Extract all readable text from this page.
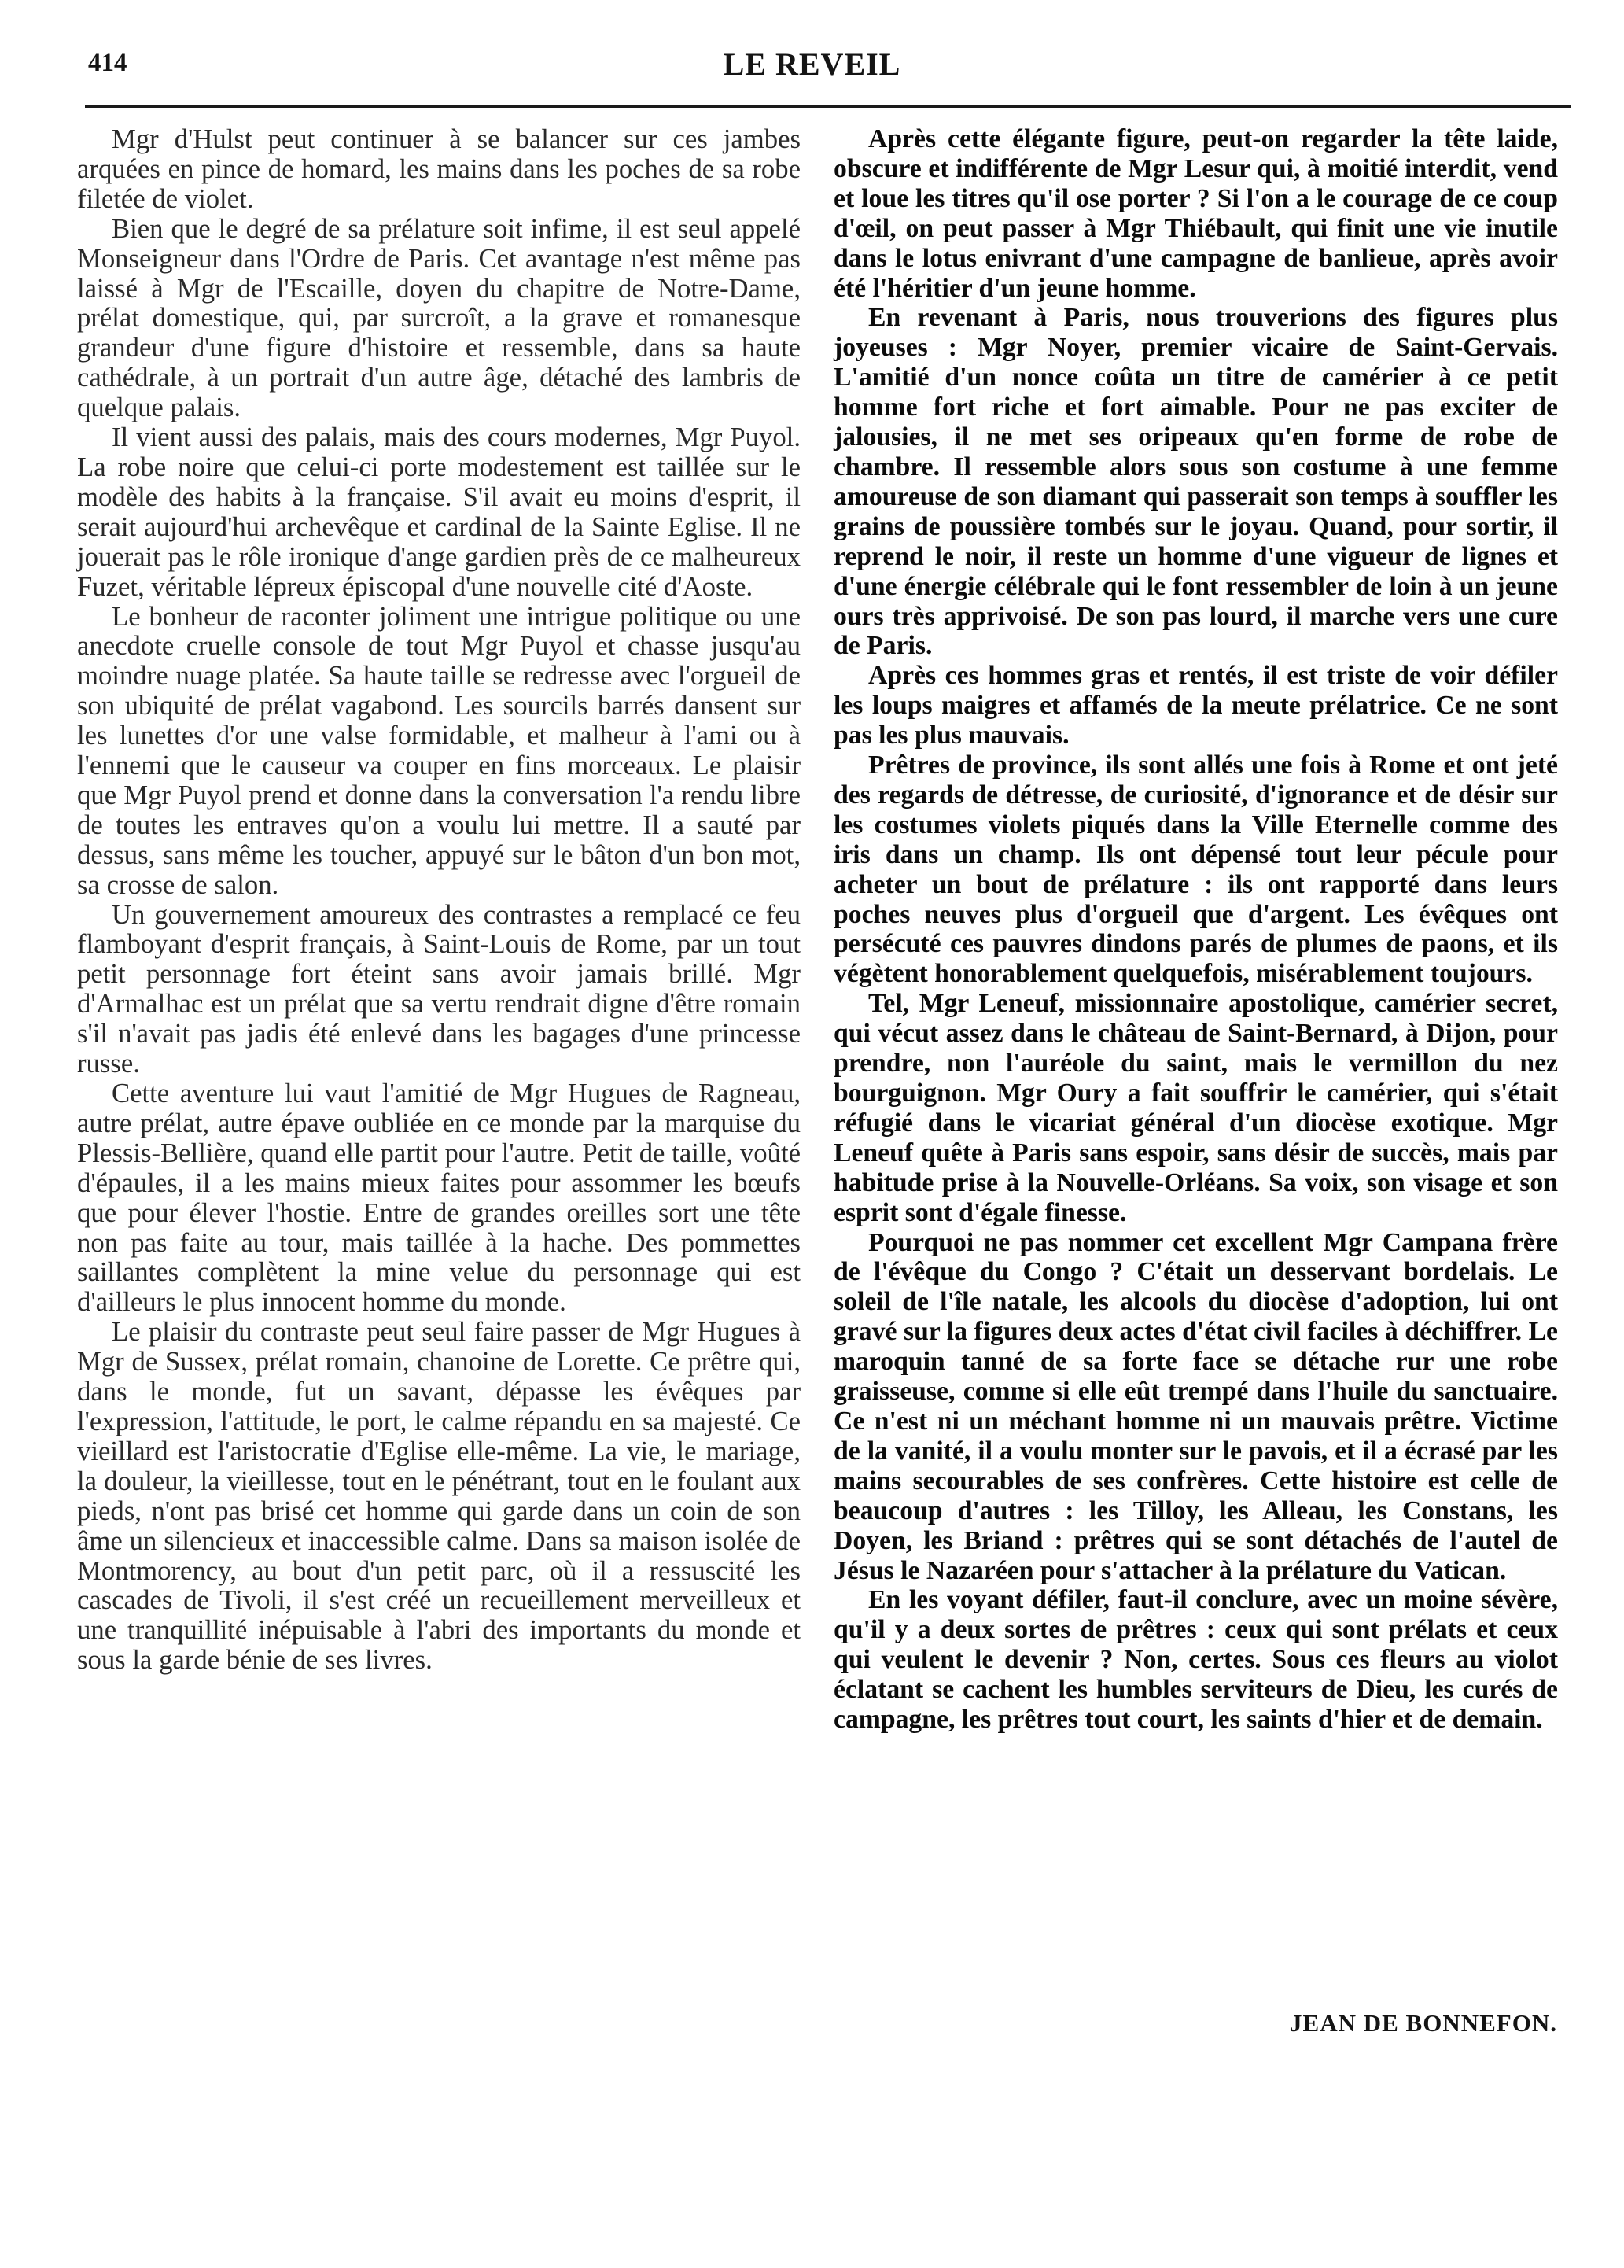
414	LE REVEIL

Mgr d'Hulst peut continuer à se balancer sur ces jambes arquées en pince de homard, les mains dans les poches de sa robe filetée de violet.

Bien que le degré de sa prélature soit infime, il est seul appelé Monseigneur dans l'Ordre de Paris. Cet avantage n'est même pas laissé à Mgr de l'Escaille, doyen du chapitre de Notre-Dame, prélat domestique, qui, par surcroît, a la grave et romanesque grandeur d'une figure d'histoire et ressemble, dans sa haute cathédrale, à un portrait d'un autre âge, détaché des lambris de quelque palais.

Il vient aussi des palais, mais des cours modernes, Mgr Puyol. La robe noire que celui-ci porte modestement est taillée sur le modèle des habits à la française. S'il avait eu moins d'esprit, il serait aujourd'hui archevêque et cardinal de la Sainte Eglise. Il ne jouerait pas le rôle ironique d'ange gardien près de ce malheureux Fuzet, véritable lépreux épiscopal d'une nouvelle cité d'Aoste.

Le bonheur de raconter joliment une intrigue politique ou une anecdote cruelle console de tout Mgr Puyol et chasse jusqu'au moindre nuage platée. Sa haute taille se redresse avec l'orgueil de son ubiquité de prélat vagabond. Les sourcils barrés dansent sur les lunettes d'or une valse formidable, et malheur à l'ami ou à l'ennemi que le causeur va couper en fins morceaux. Le plaisir que Mgr Puyol prend et donne dans la conversation l'a rendu libre de toutes les entraves qu'on a voulu lui mettre. Il a sauté par dessus, sans même les toucher, appuyé sur le bâton d'un bon mot, sa crosse de salon.

Un gouvernement amoureux des contrastes a remplacé ce feu flamboyant d'esprit français, à Saint-Louis de Rome, par un tout petit personnage fort éteint sans avoir jamais brillé. Mgr d'Armalhac est un prélat que sa vertu rendrait digne d'être romain s'il n'avait pas jadis été enlevé dans les bagages d'une princesse russe.

Cette aventure lui vaut l'amitié de Mgr Hugues de Ragneau, autre prélat, autre épave oubliée en ce monde par la marquise du Plessis-Bellière, quand elle partit pour l'autre. Petit de taille, voûté d'épaules, il a les mains mieux faites pour assommer les bœufs que pour élever l'hostie. Entre de grandes oreilles sort une tête non pas faite au tour, mais taillée à la hache. Des pommettes saillantes complètent la mine velue du personnage qui est d'ailleurs le plus innocent homme du monde.

Le plaisir du contraste peut seul faire passer de Mgr Hugues à Mgr de Sussex, prélat romain, chanoine de Lorette. Ce prêtre qui, dans le monde, fut un savant, dépasse les évêques par l'expression, l'attitude, le port, le calme répandu en sa majesté. Ce vieillard est l'aristocratie d'Eglise elle-même. La vie, le mariage, la douleur, la vieillesse, tout en le pénétrant, tout en le foulant aux pieds, n'ont pas brisé cet homme qui garde dans un coin de son âme un silencieux et inaccessible calme. Dans sa maison isolée de Montmorency, au bout d'un petit parc, où il a ressuscité les cascades de Tivoli, il s'est créé un recueillement merveilleux et une tranquillité inépuisable à l'abri des importants du monde et sous la garde bénie de ses livres.

Après cette élégante figure, peut-on regarder la tête laide, obscure et indifférente de Mgr Lesur qui, à moitié interdit, vend et loue les titres qu'il ose porter ? Si l'on a le courage de ce coup d'œil, on peut passer à Mgr Thiébault, qui finit une vie inutile dans le lotus enivrant d'une campagne de banlieue, après avoir été l'héritier d'un jeune homme.

En revenant à Paris, nous trouverions des figures plus joyeuses : Mgr Noyer, premier vicaire de Saint-Gervais. L'amitié d'un nonce coûta un titre de camérier à ce petit homme fort riche et fort aimable. Pour ne pas exciter de jalousies, il ne met ses oripeaux qu'en forme de robe de chambre. Il ressemble alors sous son costume à une femme amoureuse de son diamant qui passerait son temps à souffler les grains de poussière tombés sur le joyau. Quand, pour sortir, il reprend le noir, il reste un homme d'une vigueur de lignes et d'une énergie célébrale qui le font ressembler de loin à un jeune ours très apprivoisé. De son pas lourd, il marche vers une cure de Paris.

Après ces hommes gras et rentés, il est triste de voir défiler les loups maigres et affamés de la meute prélatrice. Ce ne sont pas les plus mauvais.

Prêtres de province, ils sont allés une fois à Rome et ont jeté des regards de détresse, de curiosité, d'ignorance et de désir sur les costumes violets piqués dans la Ville Eternelle comme des iris dans un champ. Ils ont dépensé tout leur pécule pour acheter un bout de prélature : ils ont rapporté dans leurs poches neuves plus d'orgueil que d'argent. Les évêques ont persécuté ces pauvres dindons parés de plumes de paons, et ils végètent honorablement quelquefois, misérablement toujours.

Tel, Mgr Leneuf, missionnaire apostolique, camérier secret, qui vécut assez dans le château de Saint-Bernard, à Dijon, pour prendre, non l'auréole du saint, mais le vermillon du nez bourguignon. Mgr Oury a fait souffrir le camérier, qui s'était réfugié dans le vicariat général d'un diocèse exotique. Mgr Leneuf quête à Paris sans espoir, sans désir de succès, mais par habitude prise à la Nouvelle-Orléans. Sa voix, son visage et son esprit sont d'égale finesse.

Pourquoi ne pas nommer cet excellent Mgr Campana frère de l'évêque du Congo ? C'était un desservant bordelais. Le soleil de l'île natale, les alcools du diocèse d'adoption, lui ont gravé sur la figures deux actes d'état civil faciles à déchiffrer. Le maroquin tanné de sa forte face se détache rur une robe graisseuse, comme si elle eût trempé dans l'huile du sanctuaire. Ce n'est ni un méchant homme ni un mauvais prêtre. Victime de la vanité, il a voulu monter sur le pavois, et il a écrasé par les mains secourables de ses confrères. Cette histoire est celle de beaucoup d'autres : les Tilloy, les Alleau, les Constans, les Doyen, les Briand : prêtres qui se sont détachés de l'autel de Jésus le Nazaréen pour s'attacher à la prélature du Vatican.

En les voyant défiler, faut-il conclure, avec un moine sévère, qu'il y a deux sortes de prêtres : ceux qui sont prélats et ceux qui veulent le devenir ? Non, certes. Sous ces fleurs au violot éclatant se cachent les humbles serviteurs de Dieu, les curés de campagne, les prêtres tout court, les saints d'hier et de demain.

JEAN DE BONNEFON.
